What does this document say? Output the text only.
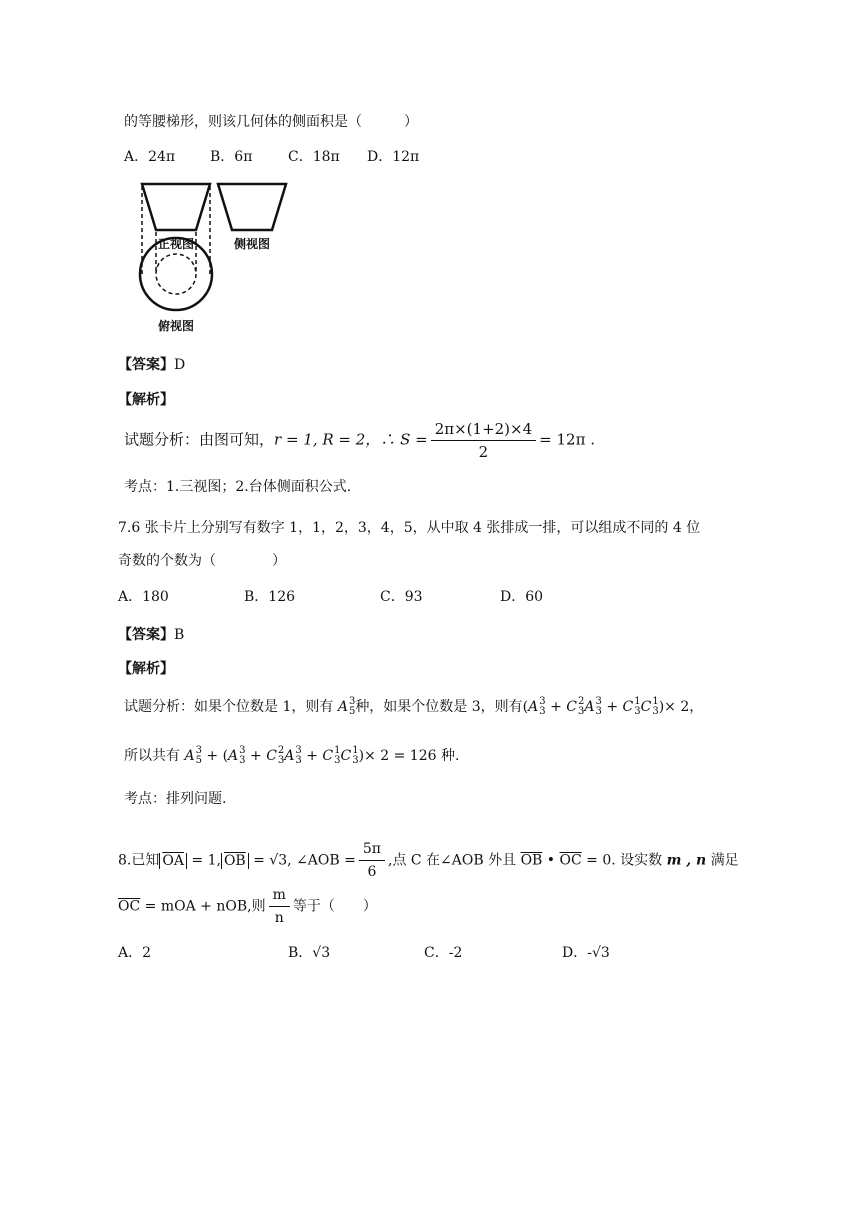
的等腰梯形，则该几何体的侧面积是（　　　）
A．24π B．6π	C．18π D．12π
正视图	侧视图
俯视图
【答案】D
【解析】
试题分析：由图可知，r = 1, R = 2，∴ $S = \frac{2\pi\times(1+2)\times 4}{2} = 12\pi$ .
考点：1.三视图；2.台体侧面积公式.
7.6 张卡片上分别写有数字 1，1，2，3，4，5，从中取 4 张排成一排，可以组成不同的 4 位
奇数的个数为（　　　　）
A．180	B．126	C．93	D．60
【答案】B
【解析】
试题分析：如果个位数是 1，则有 A 3
5 种，如果个位数是 3，则有(A 3
3 + C 2
3 A 3
3 + C 1
3 C 1
3 )× 2，
所以共有 A 3
5 + (A 3
3 + C 2
3 A 3
3 + C 1
3 C 1
3 )× 2 = 126 种.
考点：排列问题.
8.已知 $\overline{OA} = 1$, $\overline{OB} = √3$, ∠AOB = $\frac{5\pi}{6}$ ,点 C 在∠AOB 外且 $\overline{OB}$ • $\overline{OC} = 0$. 设实数 m , n 满足
$\overline{OC}$ = mOA + nOB,则 $\frac{m}{n}$ 等于（　　）
A．2	B．√3	C．-2	D．-√3
